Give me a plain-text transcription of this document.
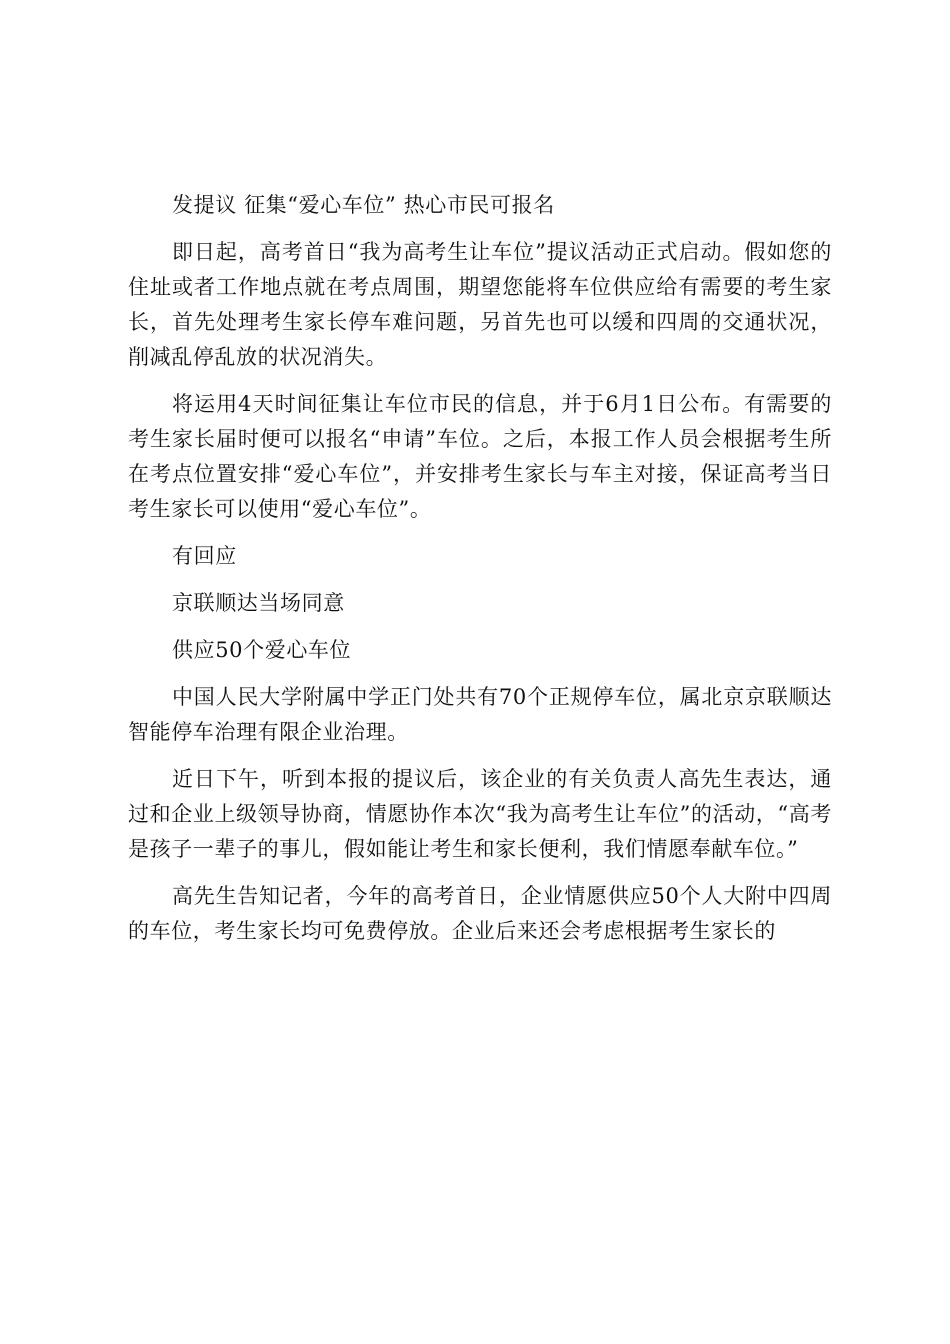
发提议 征集“爱心车位” 热心市民可报名

即日起，高考首日“我为高考生让车位”提议活动正式启动。假如您的住址或者工作地点就在考点周围，期望您能将车位供应给有需要的考生家长，首先处理考生家长停车难问题，另首先也可以缓和四周的交通状况，削减乱停乱放的状况消失。

将运用4天时间征集让车位市民的信息，并于6月1日公布。有需要的考生家长届时便可以报名“申请”车位。之后，本报工作人员会根据考生所在考点位置安排“爱心车位”，并安排考生家长与车主对接，保证高考当日考生家长可以使用“爱心车位”。

有回应

京联顺达当场同意

供应50个爱心车位

中国人民大学附属中学正门处共有70个正规停车位，属北京京联顺达智能停车治理有限企业治理。

近日下午，听到本报的提议后，该企业的有关负责人高先生表达，通过和企业上级领导协商，情愿协作本次“我为高考生让车位”的活动，“高考是孩子一辈子的事儿，假如能让考生和家长便利，我们情愿奉献车位。”

高先生告知记者，今年的高考首日，企业情愿供应50个人大附中四周的车位，考生家长均可免费停放。企业后来还会考虑根据考生家长的
